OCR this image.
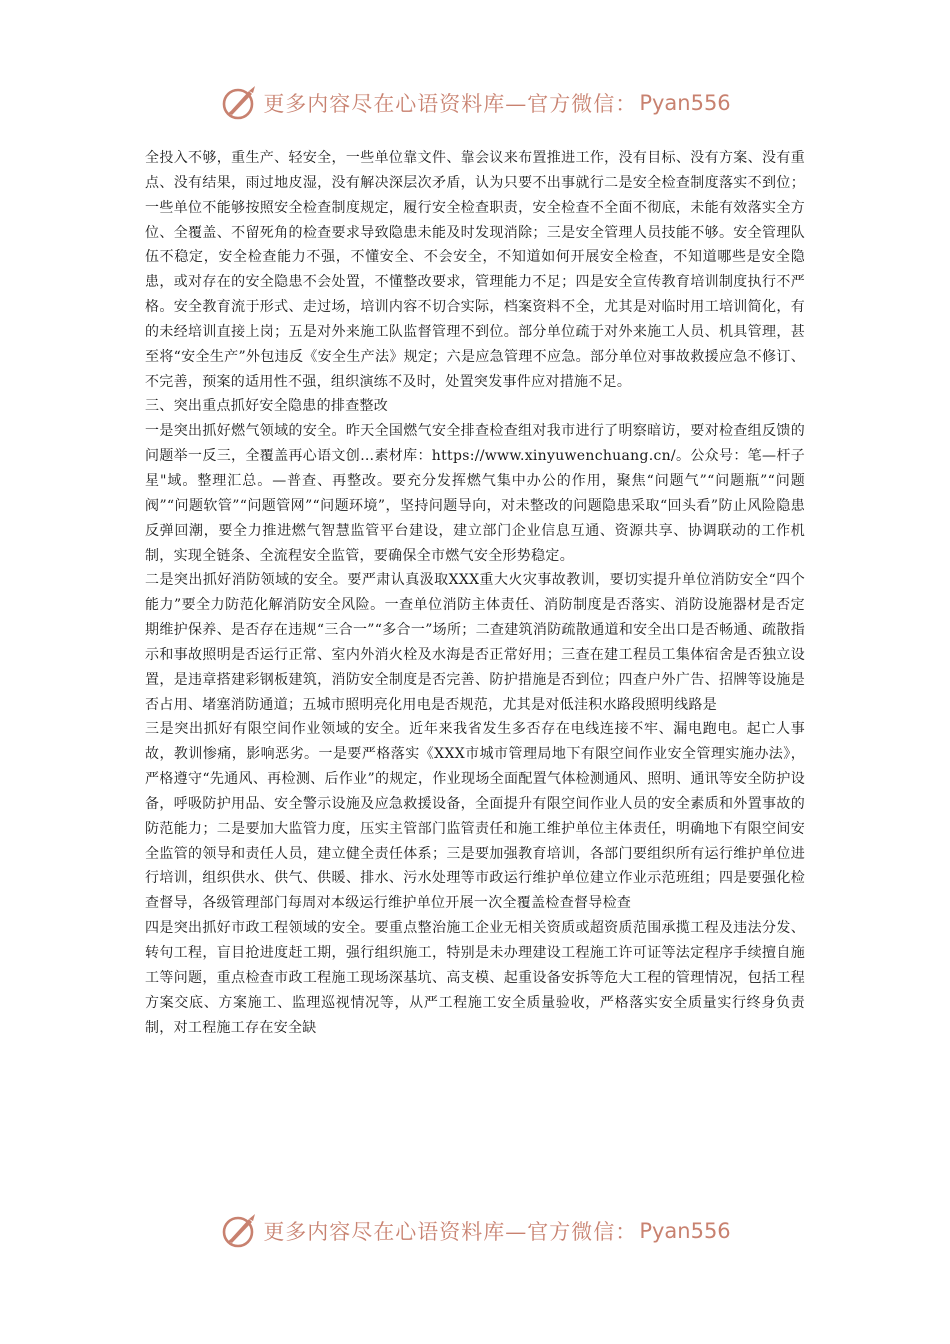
更多内容尽在心语资料库—官方微信： Pyan556

全投入不够，重生产、轻安全，一些单位靠文件、靠会议来布置推进工作，没有目标、没有方案、没有重点、没有结果，雨过地皮湿，没有解决深层次矛盾，认为只要不出事就行二是安全检查制度落实不到位；一些单位不能够按照安全检查制度规定，履行安全检查职责，安全检查不全面不彻底，未能有效落实全方位、全覆盖、不留死角的检查要求导致隐患未能及时发现消除；三是安全管理人员技能不够。安全管理队伍不稳定，安全检查能力不强，不懂安全、不会安全，不知道如何开展安全检查，不知道哪些是安全隐患，或对存在的安全隐患不会处置，不懂整改要求，管理能力不足；四是安全宣传教育培训制度执行不严格。安全教育流于形式、走过场，培训内容不切合实际，档案资料不全，尤其是对临时用工培训简化，有的未经培训直接上岗；五是对外来施工队监督管理不到位。部分单位疏于对外来施工人员、机具管理，甚至将“安全生产”外包违反《安全生产法》规定；六是应急管理不应急。部分单位对事故救援应急不修订、不完善，预案的适用性不强，组织演练不及时，处置突发事件应对措施不足。

三、突出重点抓好安全隐患的排查整改

一是突出抓好燃气领域的安全。昨天全国燃气安全排查检查组对我市进行了明察暗访，要对检查组反馈的问题举一反三，全覆盖再心语文创…素材库：https://www.xinyuwenchuang.cn/。公众号：笔—杆子星"域。整理汇总。—普查、再整改。要充分发挥燃气集中办公的作用，聚焦“问题气”“问题瓶”“问题阀”“问题软管”“问题管网”“问题环境”，坚持问题导向，对未整改的问题隐患采取“回头看”防止风险隐患反弹回潮，要全力推进燃气智慧监管平台建设，建立部门企业信息互通、资源共享、协调联动的工作机制，实现全链条、全流程安全监管，要确保全市燃气安全形势稳定。

二是突出抓好消防领域的安全。要严肃认真汲取XXX重大火灾事故教训，要切实提升单位消防安全“四个能力”要全力防范化解消防安全风险。一查单位消防主体责任、消防制度是否落实、消防设施器材是否定期维护保养、是否存在违规“三合一”“多合一”场所；二查建筑消防疏散通道和安全出口是否畅通、疏散指示和事故照明是否运行正常、室内外消火栓及水海是否正常好用；三查在建工程员工集体宿舍是否独立设置，是违章搭建彩钢板建筑，消防安全制度是否完善、防护措施是否到位；四查户外广告、招牌等设施是否占用、堵塞消防通道；五城市照明亮化用电是否规范，尤其是对低洼积水路段照明线路是

三是突出抓好有限空间作业领域的安全。近年来我省发生多否存在电线连接不牢、漏电跑电。起亡人事故，教训惨痛，影响恶劣。一是要严格落实《XXX市城市管理局地下有限空间作业安全管理实施办法》，严格遵守“先通风、再检测、后作业”的规定，作业现场全面配置气体检测通风、照明、通讯等安全防护设备，呼吸防护用品、安全警示设施及应急救援设备，全面提升有限空间作业人员的安全素质和外置事故的防范能力；二是要加大监管力度，压实主管部门监管责任和施工维护单位主体责任，明确地下有限空间安全监管的领导和责任人员，建立健全责任体系；三是要加强教育培训，各部门要组织所有运行维护单位进行培训，组织供水、供气、供暖、排水、污水处理等市政运行维护单位建立作业示范班组；四是要强化检查督导，各级管理部门每周对本级运行维护单位开展一次全覆盖检查督导检查

四是突出抓好市政工程领域的安全。要重点整治施工企业无相关资质或超资质范围承揽工程及违法分发、转句工程，盲目抢进度赶工期，强行组织施工，特别是未办理建设工程施工许可证等法定程序手续擅自施工等问题，重点检查市政工程施工现场深基坑、高支模、起重设备安拆等危大工程的管理情况，包括工程方案交底、方案施工、监理巡视情况等，从严工程施工安全质量验收，严格落实安全质量实行终身负责制，对工程施工存在安全缺

更多内容尽在心语资料库—官方微信： Pyan556
